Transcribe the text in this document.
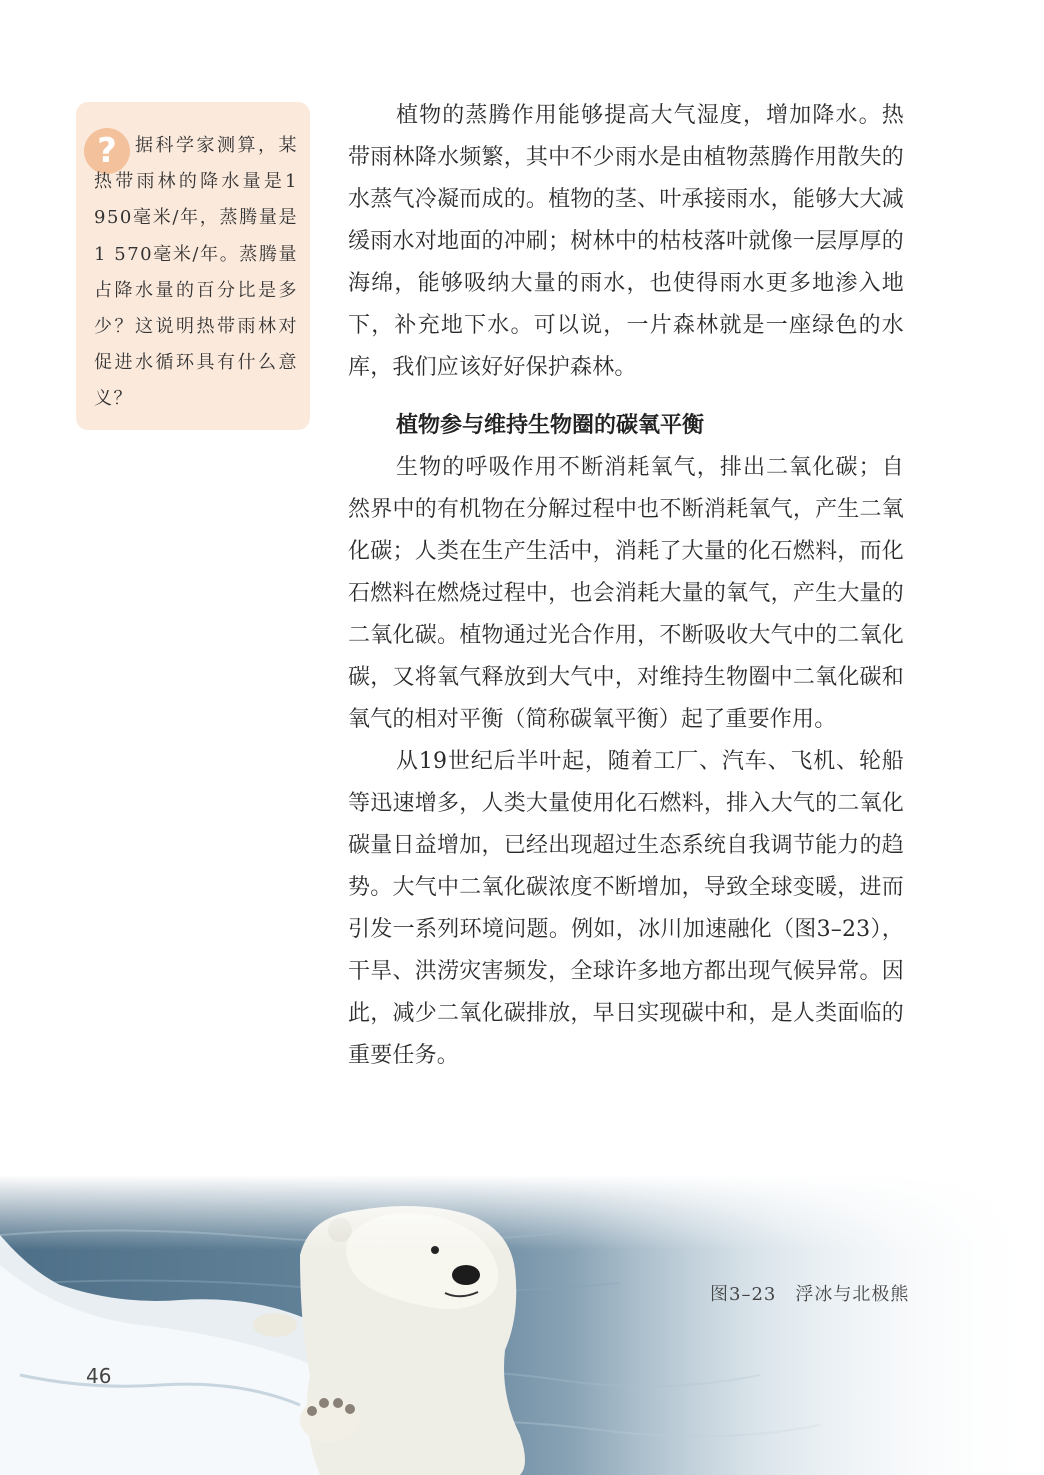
?	据科学家测算，某热带雨林的降水量是1 950毫米/年，蒸腾量是1 570毫米/年。蒸腾量占降水量的百分比是多少？这说明热带雨林对促进水循环具有什么意义？

植物的蒸腾作用能够提高大气湿度，增加降水。热带雨林降水频繁，其中不少雨水是由植物蒸腾作用散失的水蒸气冷凝而成的。植物的茎、叶承接雨水，能够大大减缓雨水对地面的冲刷；树林中的枯枝落叶就像一层厚厚的海绵，能够吸纳大量的雨水，也使得雨水更多地渗入地下，补充地下水。可以说，一片森林就是一座绿色的水库，我们应该好好保护森林。

植物参与维持生物圈的碳氧平衡

生物的呼吸作用不断消耗氧气，排出二氧化碳；自然界中的有机物在分解过程中也不断消耗氧气，产生二氧化碳；人类在生产生活中，消耗了大量的化石燃料，而化石燃料在燃烧过程中，也会消耗大量的氧气，产生大量的二氧化碳。植物通过光合作用，不断吸收大气中的二氧化碳，又将氧气释放到大气中，对维持生物圈中二氧化碳和氧气的相对平衡（简称碳氧平衡）起了重要作用。

从19世纪后半叶起，随着工厂、汽车、飞机、轮船等迅速增多，人类大量使用化石燃料，排入大气的二氧化碳量日益增加，已经出现超过生态系统自我调节能力的趋势。大气中二氧化碳浓度不断增加，导致全球变暖，进而引发一系列环境问题。例如，冰川加速融化（图3–23），干旱、洪涝灾害频发，全球许多地方都出现气候异常。因此，减少二氧化碳排放，早日实现碳中和，是人类面临的重要任务。

图3–23　浮冰与北极熊
46
